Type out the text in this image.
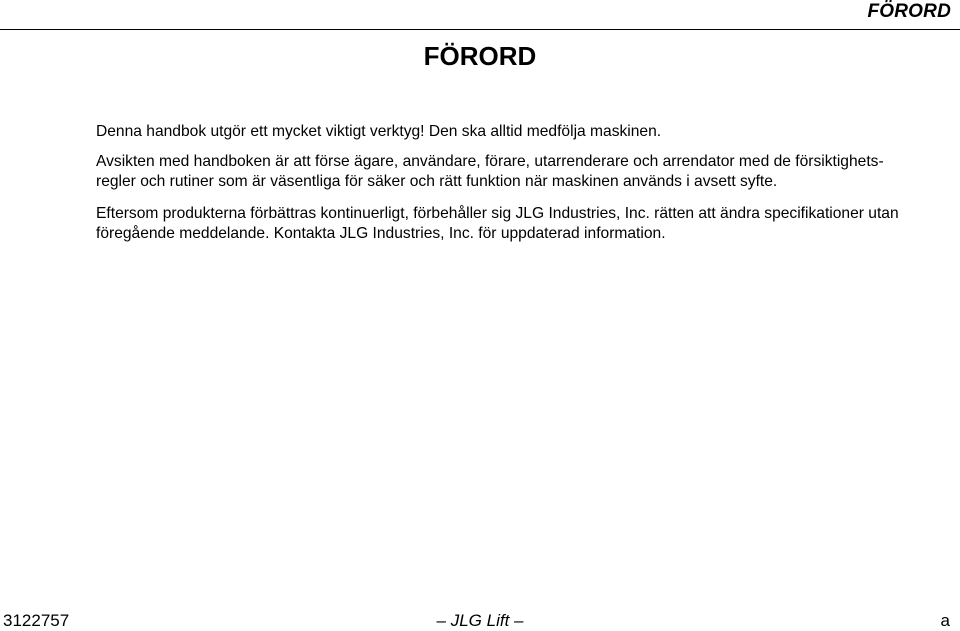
FÖRORD
FÖRORD

Denna handbok utgör ett mycket viktigt verktyg! Den ska alltid medfölja maskinen.

Avsikten med handboken är att förse ägare, användare, förare, utarrenderare och arrendator med de försiktighets-regler och rutiner som är väsentliga för säker och rätt funktion när maskinen används i avsett syfte.

Eftersom produkterna förbättras kontinuerligt, förbehåller sig JLG Industries, Inc. rätten att ändra specifikationer utan föregående meddelande. Kontakta JLG Industries, Inc. för uppdaterad information.

3122757	– JLG Lift –	a
